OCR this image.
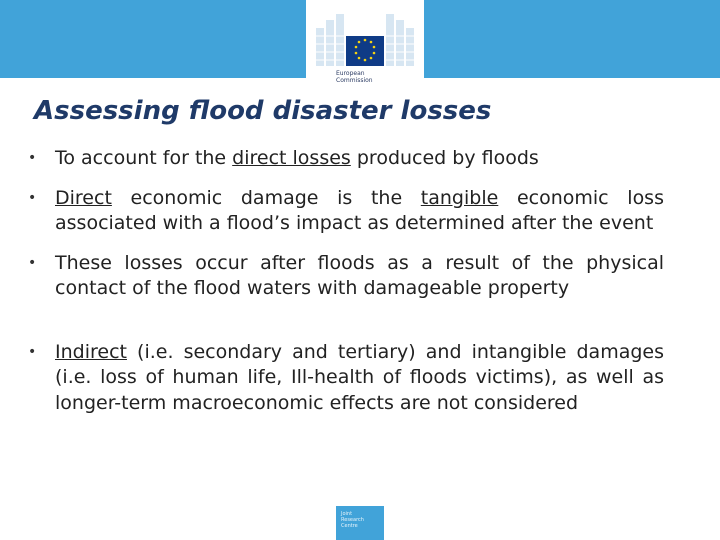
European
Commission
Assessing flood disaster losses
• To account for the direct losses produced by floods
• Direct economic damage is the tangible economic loss associated with a flood’s impact as determined after the event
• These losses occur after floods as a result of the physical contact of the flood waters with damageable property
• Indirect (i.e. secondary and tertiary) and intangible damages (i.e. loss of human life, Ill-health of floods victims), as well as longer-term macroeconomic effects are not considered
Joint
Research
Centre
